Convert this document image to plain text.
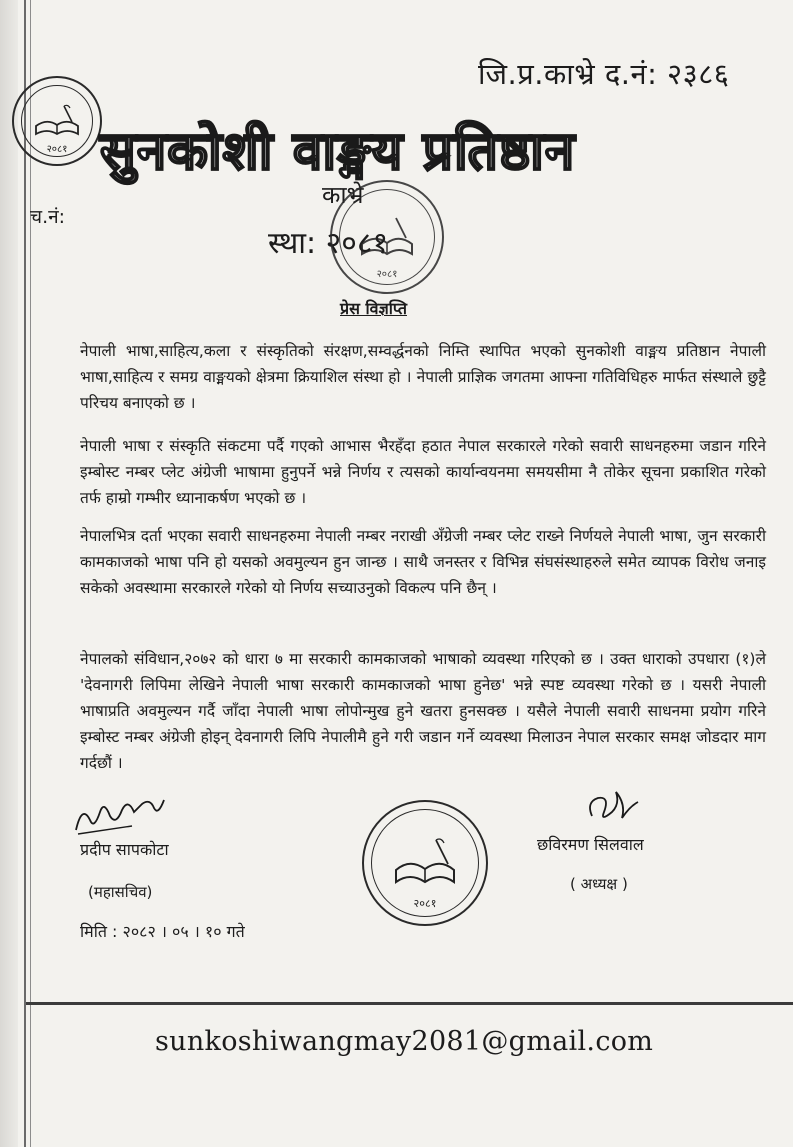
जि.प्र.काभ्रे द.नं: २३८६
२०८१ सुनकोशी वाङ्मय प्रतिष्ठान
च.नं:
काभ्रे
स्था: २०८१
२०८१
प्रेस विज्ञप्ति

नेपाली भाषा,साहित्य,कला र संस्कृतिको संरक्षण,सम्वर्द्धनको निम्ति स्थापित भएको सुनकोशी वाङ्मय प्रतिष्ठान नेपाली भाषा,साहित्य र समग्र वाङ्मयको क्षेत्रमा क्रियाशिल संस्था हो । नेपाली प्राज्ञिक जगतमा आफ्ना गतिविधिहरु मार्फत संस्थाले छुट्टै परिचय बनाएको छ ।

नेपाली भाषा र संस्कृति संकटमा पर्दै गएको आभास भैरहँदा हठात नेपाल सरकारले गरेको सवारी साधनहरुमा जडान गरिने इम्बोस्ट नम्बर प्लेट अंग्रेजी भाषामा हुनुपर्ने भन्ने निर्णय र त्यसको कार्यान्वयनमा समयसीमा नै तोकेर सूचना प्रकाशित गरेको तर्फ हाम्रो गम्भीर ध्यानाकर्षण भएको छ ।

नेपालभित्र दर्ता भएका सवारी साधनहरुमा नेपाली नम्बर नराखी अँग्रेजी नम्बर प्लेट राख्ने निर्णयले नेपाली भाषा, जुन सरकारी कामकाजको भाषा पनि हो यसको अवमुल्यन हुन जान्छ । साथै जनस्तर र विभिन्न संघसंस्थाहरुले समेत व्यापक विरोध जनाइ सकेको अवस्थामा सरकारले गरेको यो निर्णय सच्याउनुको विकल्प पनि छैन् ।

नेपालको संविधान,२०७२ को धारा ७ मा सरकारी कामकाजको भाषाको व्यवस्था गरिएको छ । उक्त धाराको उपधारा (१)ले 'देवनागरी लिपिमा लेखिने नेपाली भाषा सरकारी कामकाजको भाषा हुनेछ' भन्ने स्पष्ट व्यवस्था गरेको छ । यसरी नेपाली भाषाप्रति अवमुल्यन गर्दै जाँदा नेपाली भाषा लोपोन्मुख हुने खतरा हुनसक्छ । यसैले नेपाली सवारी साधनमा प्रयोग गरिने इम्बोस्ट नम्बर अंग्रेजी होइन् देवनागरी लिपि नेपालीमै हुने गरी जडान गर्ने व्यवस्था मिलाउन नेपाल सरकार समक्ष जोडदार माग गर्दछौं ।

प्रदीप सापकोटा
(महासचिव)
मिति : २०८२ । ०५ । १० गते
२०८१
छविरमण सिलवाल
( अध्यक्ष )
sunkoshiwangmay2081@gmail.com
